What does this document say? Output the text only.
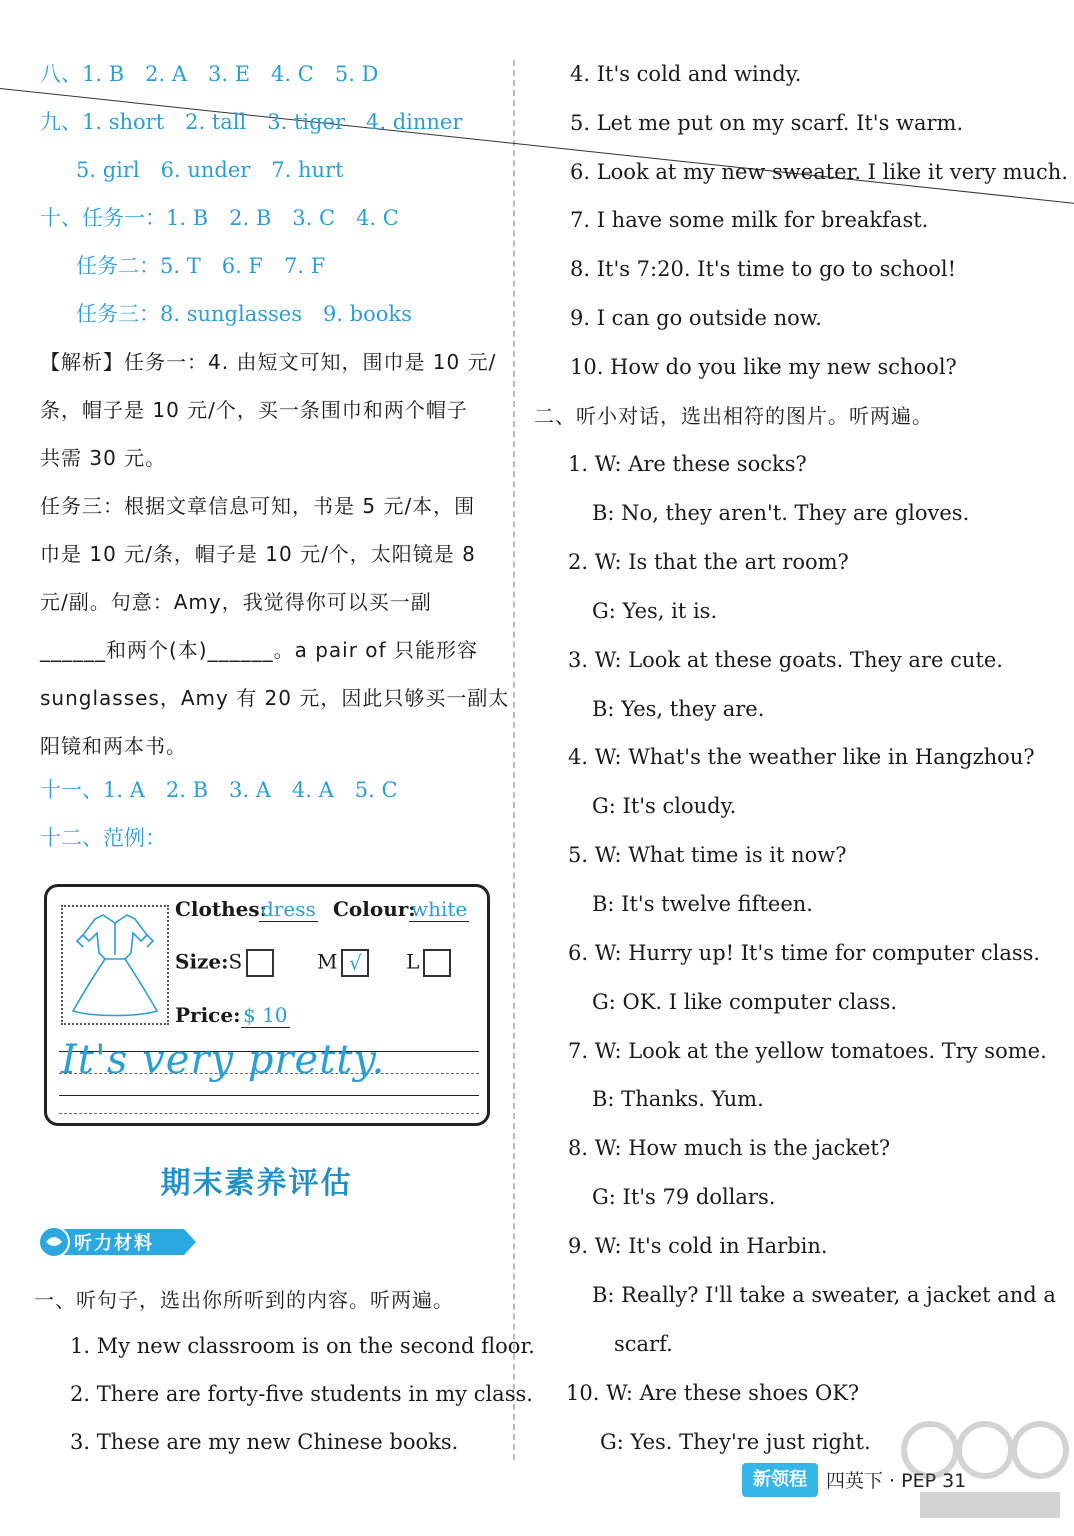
八、1. B　2. A　3. E　4. C　5. D
九、1. short　2. tall　3. tiger　4. dinner
5. girl　6. under　7. hurt
十、任务一：1. B　2. B　3. C　4. C
任务二：5. T　6. F　7. F
任务三：8. sunglasses　9. books
【解析】任务一：4. 由短文可知，围巾是 10 元/
条，帽子是 10 元/个，买一条围巾和两个帽子
共需 30 元。
任务三：根据文章信息可知，书是 5 元/本，围
巾是 10 元/条，帽子是 10 元/个，太阳镜是 8
元/副。句意：Amy，我觉得你可以买一副
______和两个(本)______。a pair of 只能形容
sunglasses，Amy 有 20 元，因此只够买一副太
阳镜和两本书。
十一、1. A　2. B　3. A　4. A　5. C
十二、范例：
Clothes:
dress Colour:
white
Size:S	M √ L
Price: $ 10
It's very pretty.
期末素养评估
听力材料
一、听句子，选出你所听到的内容。听两遍。
1. My new classroom is on the second floor.
2. There are forty-five students in my class.
3. These are my new Chinese books.
4. It's cold and windy.
5. Let me put on my scarf. It's warm.
6. Look at my new sweater. I like it very much.
7. I have some milk for breakfast.
8. It's 7:20. It's time to go to school!
9. I can go outside now.
10. How do you like my new school?
二、听小对话，选出相符的图片。听两遍。
1. W: Are these socks?
B: No, they aren't. They are gloves.
2. W: Is that the art room?
G: Yes, it is.
3. W: Look at these goats. They are cute.
B: Yes, they are.
4. W: What's the weather like in Hangzhou?
G: It's cloudy.
5. W: What time is it now?
B: It's twelve fifteen.
6. W: Hurry up! It's time for computer class.
G: OK. I like computer class.
7. W: Look at the yellow tomatoes. Try some.
B: Thanks. Yum.
8. W: How much is the jacket?
G: It's 79 dollars.
9. W: It's cold in Harbin.
B: Really? I'll take a sweater, a jacket and a
scarf.
10. W: Are these shoes OK?
G: Yes. They're just right.
新领程	四英下 · PEP 31
